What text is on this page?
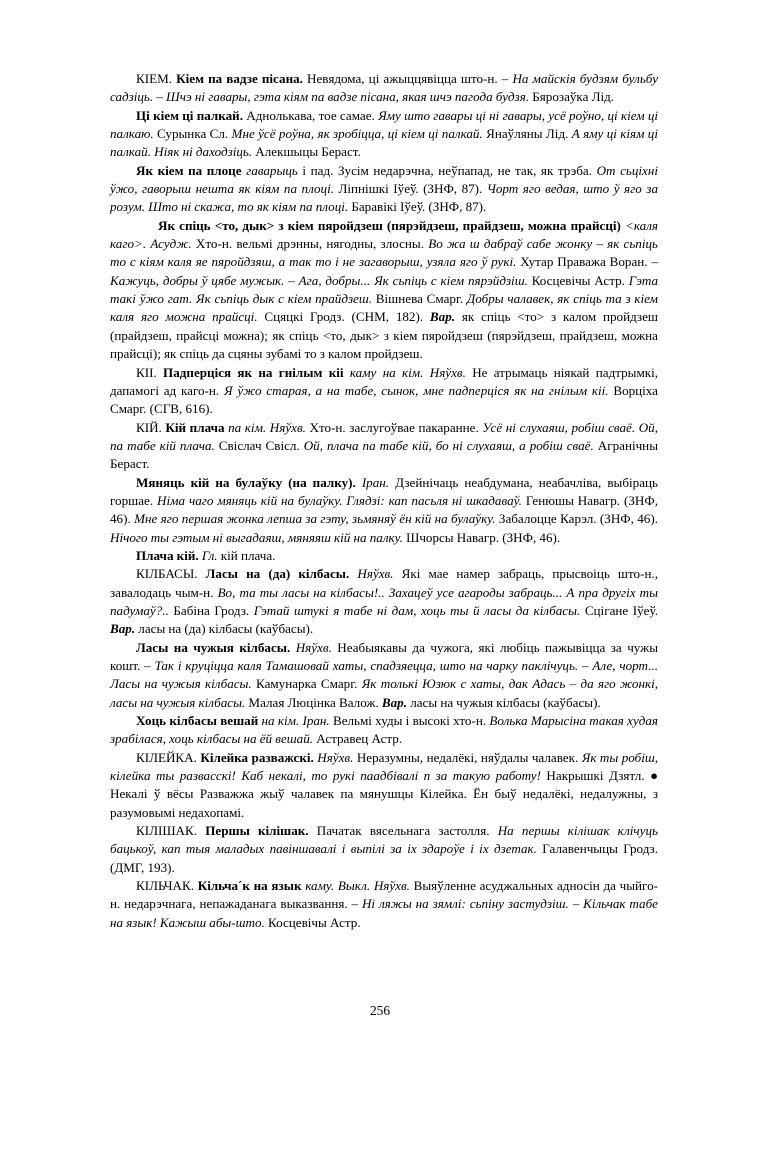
КІЕМ. Кіем па вадзе пісана. Невядома, ці ажыццявіцца што-н. – На майскія будзям бульбу садзіць. – Шчэ ні гавары, гэта кіям па вадзе пісана, якая шчэ пагода будзя. Бярозаўка Лід.

Ці кіем ці палкай. Аднолькава, тое самае. Яму што гавары ці ні гавары, усё роўно, ці кіем ці палкаю. Сурынка Сл. Мне ўсё роўна, як зробіцца, ці кіем ці палкай. Янаўляны Лід. А яму ці кіям ці палкай. Ніяк ні даходзіць. Алекшыцы Бераст.

Як кіем па плоце гаварыць і пад. Зусім недарэчна, неўпапад, не так, як трэба. От сьціхні ўжо, гаворыш нешта як кіям па плоці. Ліпнішкі Іўеў. (ЗНФ, 87). Чорт яго ведая, што ў яго за розум. Што ні скажа, то як кіям па плоці. Баравікі Іўеў. (ЗНФ, 87).

Як спіць <то, дык> з кіем пяройдзеш (пярэйдзеш, прайдзеш, можна прайсці) <каля каго>. Асудж. Хто-н. вельмі дрэнны, нягодны, злосны. Во жа ш дабраў сабе жонку – як сьпіць то с кіям каля яе пяройдзяш, а так то і не загаворыш, узяла яго ў рукі. Хутар Праважа Воран. – Кажуць, добры ў цябе мужык. – Ага, добры... Як сьпіць с кіем пярэйдзіш. Косцевічы Астр. Гэта такі ўжо гат. Як сьпіць дык с кіем прайдзеш. Вішнева Смарг. Добры чалавек, як спіць та з кіем каля яго можна прайсці. Сцяцкі Гродз. (СНМ, 182). Вар. як спіць <то> з калом пройдзеш (прайдзеш, прайсці можна); як спіць <то, дык> з кіем пяройдзеш (пярэйдзеш, прайдзеш, можна прайсці); як спіць да сцяны зубамі то з калом пройдзеш.

КІІ. Падперціся як на гнілым кіі каму на кім. Няўхв. Не атрымаць ніякай падтрымкі, дапамогі ад каго-н. Я ўжо старая, а на табе, сынок, мне падперціся як на гнілым кіі. Ворціха Смарг. (СГВ, 616).

КІЙ. Кій плача па кім. Няўхв. Хто-н. заслугоўвае пакаранне. Усё ні слухаяш, робіш сваё. Ой, па табе кій плача. Свіслач Свісл. Ой, плача па табе кій, бо ні слухаяш, а робіш сваё. Агранічны Бераст.

Мяняць кій на булаўку (на палку). Іран. Дзейнічаць неабдумана, неабачліва, выбіраць горшае. Німа чаго мяняць кій на булаўку. Глядзі: кап пасьля ні шкадаваў. Генюшы Навагр. (ЗНФ, 46). Мне яго першая жонка лепша за гэту, зьмяняў ён кій на булаўку. Забалоцце Карэл. (ЗНФ, 46). Нічого ты гэтым ні выгадаяш, мяняяш кій на палку. Шчорсы Навагр. (ЗНФ, 46).

Плача кій. Гл. кій плача.

КІЛБАСЫ. Ласы на (да) кілбасы. Няўхв. Які мае намер забраць, прысвоіць што-н., завалодаць чым-н. Во, та ты ласы на кілбасы!.. Захацеў усе агароды забраць... А пра другіх ты падумаў?.. Бабіна Гродз. Гэтай штукі я табе ні дам, хоць ты й ласы да кілбасы. Сцігане Іўеў. Вар. ласы на (да) кілбасы (каўбасы).

Ласы на чужыя кілбасы. Няўхв. Неабыякавы да чужога, які любіць пажывіцца за чужы кошт. – Так і круціцца каля Тамашовай хаты, спадзяецца, што на чарку паклічуць. – Але, чорт... Ласы на чужыя кілбасы. Камунарка Смарг. Як толькі Юзюк с хаты, дак Адась – да яго жонкі, ласы на чужыя кілбасы. Малая Люцінка Валож. Вар. ласы на чужыя кілбасы (каўбасы).

Хоць кілбасы вешай на кім. Іран. Вельмі худы і высокі хто-н. Волька Марысіна такая худая зрабілася, хоць кілбасы на ёй вешай. Астравец Астр.

КІЛЕЙКА. Кілейка разважскі. Няўхв. Неразумны, недалёкі, няўдалы чалавек. Як ты робіш, кілейка ты развасскі! Каб некалі, то рукі паадбівалі п за такую работу! Накрышкі Дзятл. ● Некалі ў вёсы Разважжа жыў чалавек па мянушцы Кілейка. Ён быў недалёкі, недалужны, з разумовымі недахопамі.

КІЛІШАК. Першы кілішак. Пачатак вясельнага застолля. На першы кілішак клічуць бацькоў, кап тыя маладых павіншавалі і выпілі за іх здароўе і іх дзетак. Галавенчыцы Гродз. (ДМГ, 193).

КІЛЬЧАК. Кільча´к на язык каму. Выкл. Няўхв. Выяўленне асуджальных адносін да чыйго-н. недарэчнага, непажаданага выказвання. – Ні ляжы на зямлі: сьпіну застудзіш. – Кільчак табе на язык! Кажыш абы-што. Косцевічы Астр.

256
